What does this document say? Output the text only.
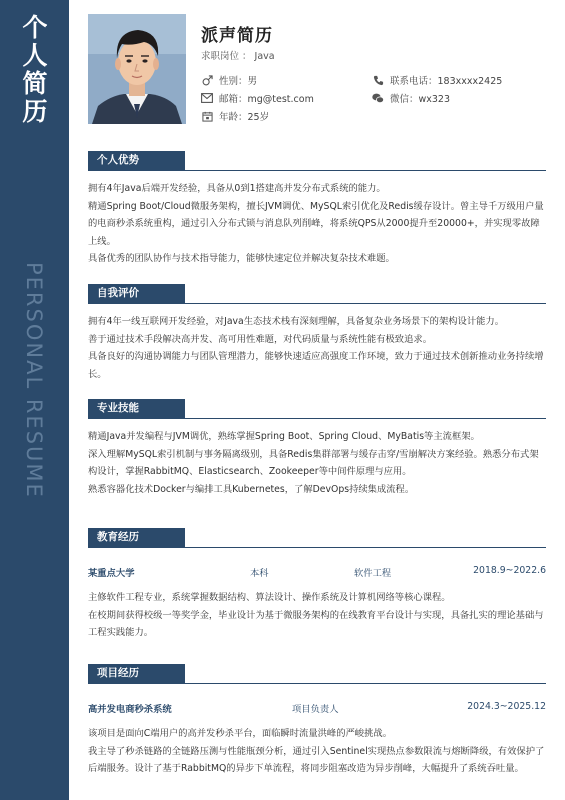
个
人
简
历
PERSONAL RESUME
派声简历
求职岗位 ： Java
性别：男	联系电话：183xxxx2425
邮箱：mg@test.com	微信：wx323
年龄：25岁
个人优势

拥有4年Java后端开发经验，具备从0到1搭建高并发分布式系统的能力。

精通Spring Boot/Cloud微服务架构，擅长JVM调优、MySQL索引优化及Redis缓存设计。曾主导千万级用户量的电商秒杀系统重构，通过引入分布式锁与消息队列削峰，将系统QPS从2000提升至20000+，并实现零故障上线。

具备优秀的团队协作与技术指导能力，能够快速定位并解决复杂技术难题。

自我评价

拥有4年一线互联网开发经验，对Java生态技术栈有深刻理解，具备复杂业务场景下的架构设计能力。

善于通过技术手段解决高并发、高可用性难题，对代码质量与系统性能有极致追求。

具备良好的沟通协调能力与团队管理潜力，能够快速适应高强度工作环境，致力于通过技术创新推动业务持续增长。

专业技能

精通Java并发编程与JVM调优，熟练掌握Spring Boot、Spring Cloud、MyBatis等主流框架。

深入理解MySQL索引机制与事务隔离级别，具备Redis集群部署与缓存击穿/雪崩解决方案经验。熟悉分布式架构设计，掌握RabbitMQ、Elasticsearch、Zookeeper等中间件原理与应用。

熟悉容器化技术Docker与编排工具Kubernetes，了解DevOps持续集成流程。

教育经历
某重点大学	本科	软件工程	2018.9~2022.6

主修软件工程专业，系统掌握数据结构、算法设计、操作系统及计算机网络等核心课程。

在校期间获得校级一等奖学金，毕业设计为基于微服务架构的在线教育平台设计与实现，具备扎实的理论基础与工程实践能力。

项目经历
高并发电商秒杀系统	项目负责人	2024.3~2025.12

该项目是面向C端用户的高并发秒杀平台，面临瞬时流量洪峰的严峻挑战。

我主导了秒杀链路的全链路压测与性能瓶颈分析，通过引入Sentinel实现热点参数限流与熔断降级，有效保护了后端服务。设计了基于RabbitMQ的异步下单流程，将同步阻塞改造为异步削峰，大幅提升了系统吞吐量。
